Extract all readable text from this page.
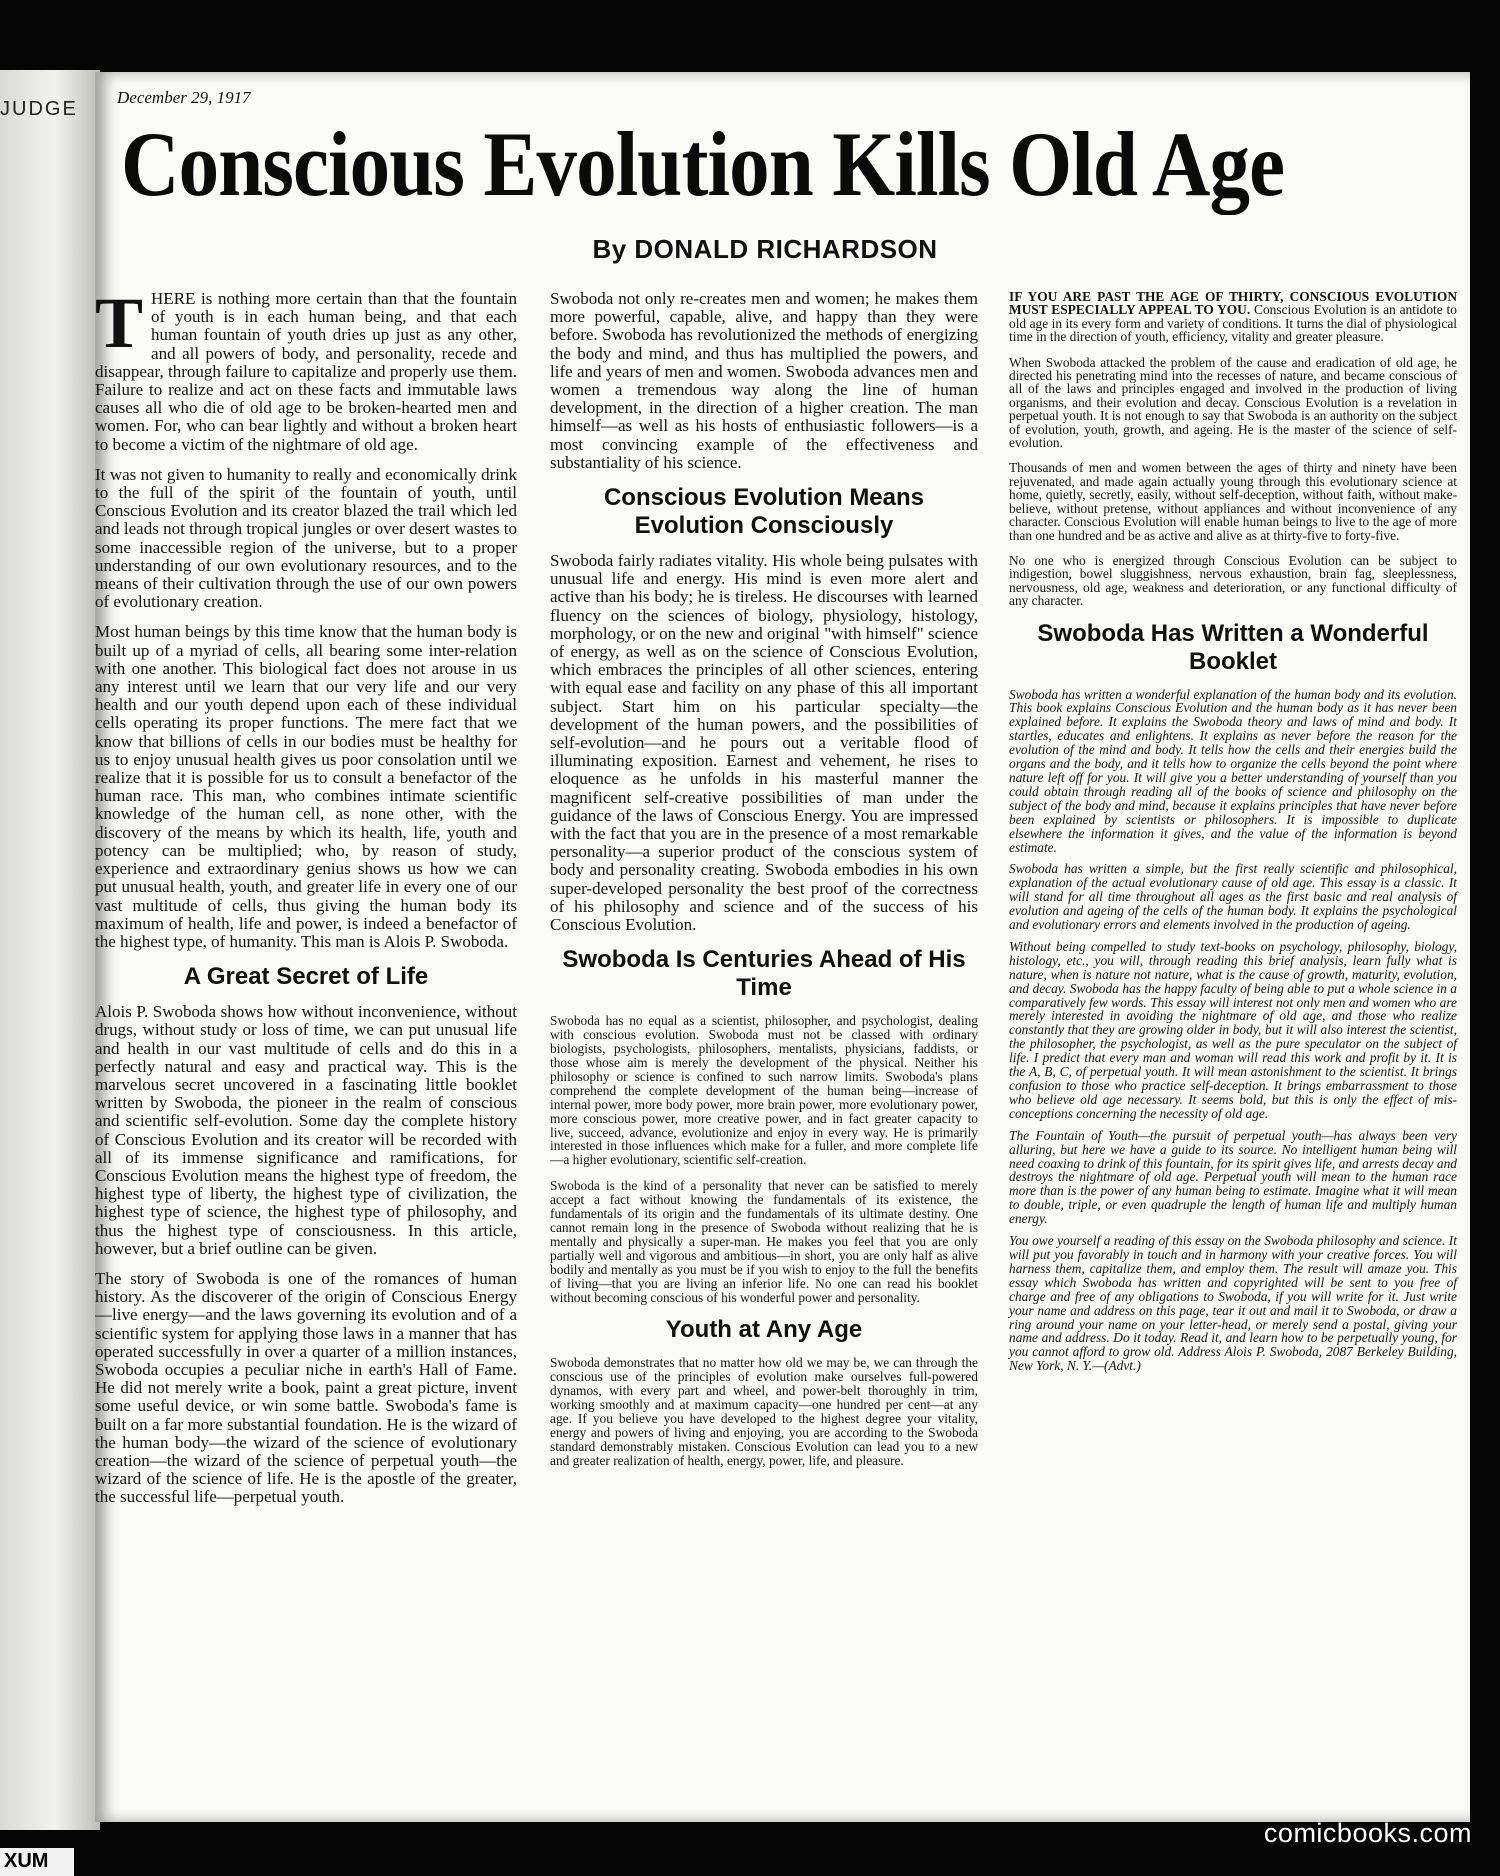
JUDGE
December 29, 1917
Conscious Evolution Kills Old Age
By DONALD RICHARDSON

THERE is nothing more certain than that the fountain of youth is in each human being, and that each human fountain of youth dries up just as any other, and all powers of body, and personality, recede and disappear, through failure to capitalize and properly use them. Failure to realize and act on these facts and immutable laws causes all who die of old age to be broken-hearted men and women. For, who can bear lightly and without a broken heart to become a victim of the nightmare of old age.

It was not given to humanity to really and economically drink to the full of the spirit of the fountain of youth, until Conscious Evolution and its creator blazed the trail which led and leads not through tropical jungles or over desert wastes to some inaccessible region of the universe, but to a proper understanding of our own evolutionary resources, and to the means of their cultivation through the use of our own powers of evolutionary creation.

Most human beings by this time know that the human body is built up of a myriad of cells, all bearing some inter-relation with one another. This biological fact does not arouse in us any interest until we learn that our very life and our very health and our youth depend upon each of these individual cells operating its proper functions. The mere fact that we know that billions of cells in our bodies must be healthy for us to enjoy unusual health gives us poor consolation until we realize that it is possible for us to consult a benefactor of the human race. This man, who combines intimate scientific knowledge of the human cell, as none other, with the discovery of the means by which its health, life, youth and potency can be multiplied; who, by reason of study, experience and extraordinary genius shows us how we can put unusual health, youth, and greater life in every one of our vast multitude of cells, thus giving the human body its maximum of health, life and power, is indeed a benefactor of the highest type, of humanity. This man is Alois P. Swoboda.

A Great Secret of Life

Alois P. Swoboda shows how without inconvenience, without drugs, without study or loss of time, we can put unusual life and health in our vast multitude of cells and do this in a perfectly natural and easy and practical way. This is the marvelous secret uncovered in a fascinating little booklet written by Swoboda, the pioneer in the realm of conscious and scientific self-evolution. Some day the complete history of Conscious Evolution and its creator will be recorded with all of its immense significance and ramifications, for Conscious Evolution means the highest type of freedom, the highest type of liberty, the highest type of civilization, the highest type of science, the highest type of philosophy, and thus the highest type of consciousness. In this article, however, but a brief outline can be given.

The story of Swoboda is one of the romances of human history. As the discoverer of the origin of Conscious Energy—live energy—and the laws governing its evolution and of a scientific system for applying those laws in a manner that has operated successfully in over a quarter of a million instances, Swoboda occupies a peculiar niche in earth's Hall of Fame. He did not merely write a book, paint a great picture, invent some useful device, or win some battle. Swoboda's fame is built on a far more substantial foundation. He is the wizard of the human body—the wizard of the science of evolutionary creation—the wizard of the science of perpetual youth—the wizard of the science of life. He is the apostle of the greater, the successful life—perpetual youth.

Swoboda not only re-creates men and women; he makes them more powerful, capable, alive, and happy than they were before. Swoboda has revolutionized the methods of energizing the body and mind, and thus has multiplied the powers, and life and years of men and women. Swoboda advances men and women a tremendous way along the line of human development, in the direction of a higher creation. The man himself—as well as his hosts of enthusiastic followers—is a most convincing example of the effectiveness and substantiality of his science.

Conscious Evolution Means Evolution Consciously

Swoboda fairly radiates vitality. His whole being pulsates with unusual life and energy. His mind is even more alert and active than his body; he is tireless. He discourses with learned fluency on the sciences of biology, physiology, histology, morphology, or on the new and original "with himself" science of energy, as well as on the science of Conscious Evolution, which embraces the principles of all other sciences, entering with equal ease and facility on any phase of this all important subject. Start him on his particular specialty—the development of the human powers, and the possibilities of self-evolution—and he pours out a veritable flood of illuminating exposition. Earnest and vehement, he rises to eloquence as he unfolds in his masterful manner the magnificent self-creative possibilities of man under the guidance of the laws of Conscious Energy. You are impressed with the fact that you are in the presence of a most remarkable personality—a superior product of the conscious system of body and personality creating. Swoboda embodies in his own super-developed personality the best proof of the correctness of his philosophy and science and of the success of his Conscious Evolution.

Swoboda Is Centuries Ahead of His Time

Swoboda has no equal as a scientist, philosopher, and psychologist, dealing with conscious evolution. Swoboda must not be classed with ordinary biologists, psychologists, philosophers, mentalists, physicians, faddists, or those whose aim is merely the development of the physical. Neither his philosophy or science is confined to such narrow limits. Swoboda's plans comprehend the complete development of the human being—increase of internal power, more body power, more brain power, more evolutionary power, more conscious power, more creative power, and in fact greater capacity to live, succeed, advance, evolutionize and enjoy in every way. He is primarily interested in those influences which make for a fuller, and more complete life—a higher evolutionary, scientific self-creation.

Swoboda is the kind of a personality that never can be satisfied to merely accept a fact without knowing the fundamentals of its existence, the fundamentals of its origin and the fundamentals of its ultimate destiny. One cannot remain long in the presence of Swoboda without realizing that he is mentally and physically a super-man. He makes you feel that you are only partially well and vigorous and ambitious—in short, you are only half as alive bodily and mentally as you must be if you wish to enjoy to the full the benefits of living—that you are living an inferior life. No one can read his booklet without becoming conscious of his wonderful power and personality.

Youth at Any Age

Swoboda demonstrates that no matter how old we may be, we can through the conscious use of the principles of evolution make ourselves full-powered dynamos, with every part and wheel, and power-belt thoroughly in trim, working smoothly and at maximum capacity—one hundred per cent—at any age. If you believe you have developed to the highest degree your vitality, energy and powers of living and enjoying, you are according to the Swoboda standard demonstrably mistaken. Conscious Evolution can lead you to a new and greater realization of health, energy, power, life, and pleasure.

IF YOU ARE PAST THE AGE OF THIRTY, CONSCIOUS EVOLUTION MUST ESPECIALLY APPEAL TO YOU. Conscious Evolution is an antidote to old age in its every form and variety of conditions. It turns the dial of physiological time in the direction of youth, efficiency, vitality and greater pleasure.

When Swoboda attacked the problem of the cause and eradication of old age, he directed his penetrating mind into the recesses of nature, and became conscious of all of the laws and principles engaged and involved in the production of living organisms, and their evolution and decay. Conscious Evolution is a revelation in perpetual youth. It is not enough to say that Swoboda is an authority on the subject of evolution, youth, growth, and ageing. He is the master of the science of self-evolution.

Thousands of men and women between the ages of thirty and ninety have been rejuvenated, and made again actually young through this evolutionary science at home, quietly, secretly, easily, without self-deception, without faith, without make-believe, without pretense, without appliances and without inconvenience of any character. Conscious Evolution will enable human beings to live to the age of more than one hundred and be as active and alive as at thirty-five to forty-five.

No one who is energized through Conscious Evolution can be subject to indigestion, bowel sluggishness, nervous exhaustion, brain fag, sleeplessness, nervousness, old age, weakness and deterioration, or any functional difficulty of any character.

Swoboda Has Written a Wonderful Booklet

Swoboda has written a wonderful explanation of the human body and its evolution. This book explains Conscious Evolution and the human body as it has never been explained before. It explains the Swoboda theory and laws of mind and body. It startles, educates and enlightens. It explains as never before the reason for the evolution of the mind and body. It tells how the cells and their energies build the organs and the body, and it tells how to organize the cells beyond the point where nature left off for you. It will give you a better understanding of yourself than you could obtain through reading all of the books of science and philosophy on the subject of the body and mind, because it explains principles that have never before been explained by scientists or philosophers. It is impossible to duplicate elsewhere the information it gives, and the value of the information is beyond estimate.

Swoboda has written a simple, but the first really scientific and philosophical, explanation of the actual evolutionary cause of old age. This essay is a classic. It will stand for all time throughout all ages as the first basic and real analysis of evolution and ageing of the cells of the human body. It explains the psychological and evolutionary errors and elements involved in the production of ageing.

Without being compelled to study text-books on psychology, philosophy, biology, histology, etc., you will, through reading this brief analysis, learn fully what is nature, when is nature not nature, what is the cause of growth, maturity, evolution, and decay. Swoboda has the happy faculty of being able to put a whole science in a comparatively few words. This essay will interest not only men and women who are merely interested in avoiding the nightmare of old age, and those who realize constantly that they are growing older in body, but it will also interest the scientist, the philosopher, the psychologist, as well as the pure speculator on the subject of life. I predict that every man and woman will read this work and profit by it. It is the A, B, C, of perpetual youth. It will mean astonishment to the scientist. It brings confusion to those who practice self-deception. It brings embarrassment to those who believe old age necessary. It seems bold, but this is only the effect of mis-conceptions concerning the necessity of old age.

The Fountain of Youth—the pursuit of perpetual youth—has always been very alluring, but here we have a guide to its source. No intelligent human being will need coaxing to drink of this fountain, for its spirit gives life, and arrests decay and destroys the nightmare of old age. Perpetual youth will mean to the human race more than is the power of any human being to estimate. Imagine what it will mean to double, triple, or even quadruple the length of human life and multiply human energy.

You owe yourself a reading of this essay on the Swoboda philosophy and science. It will put you favorably in touch and in harmony with your creative forces. You will harness them, capitalize them, and employ them. The result will amaze you. This essay which Swoboda has written and copyrighted will be sent to you free of charge and free of any obligations to Swoboda, if you will write for it. Just write your name and address on this page, tear it out and mail it to Swoboda, or draw a ring around your name on your letter-head, or merely send a postal, giving your name and address. Do it today. Read it, and learn how to be perpetually young, for you cannot afford to grow old. Address Alois P. Swoboda, 2087 Berkeley Building, New York, N. Y.—(Advt.)

comicbooks.com
XUM
